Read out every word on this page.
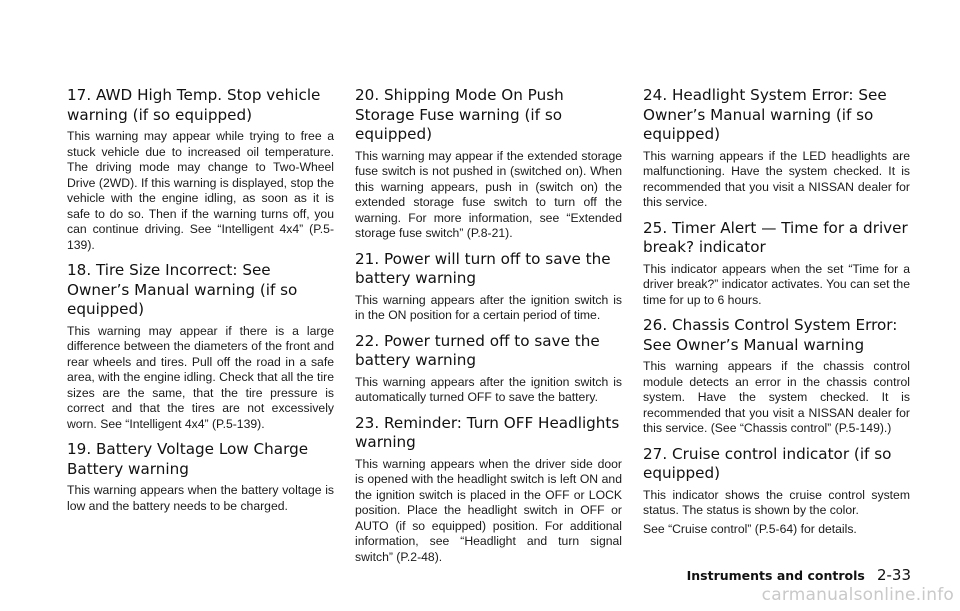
17. AWD High Temp. Stop vehicle warning (if so equipped)

This warning may appear while trying to free a stuck vehicle due to increased oil temperature. The driving mode may change to Two-Wheel Drive (2WD). If this warning is displayed, stop the vehicle with the engine idling, as soon as it is safe to do so. Then if the warning turns off, you can continue driving. See “Intelligent 4x4” (P.5-139).

18. Tire Size Incorrect: See Owner’s Manual warning (if so equipped)

This warning may appear if there is a large difference between the diameters of the front and rear wheels and tires. Pull off the road in a safe area, with the engine idling. Check that all the tire sizes are the same, that the tire pressure is correct and that the tires are not excessively worn. See “Intelligent 4x4” (P.5-139).

19. Battery Voltage Low Charge Battery warning

This warning appears when the battery voltage is low and the battery needs to be charged.

20. Shipping Mode On Push Storage Fuse warning (if so equipped)

This warning may appear if the extended storage fuse switch is not pushed in (switched on). When this warning appears, push in (switch on) the extended storage fuse switch to turn off the warning. For more information, see “Extended storage fuse switch” (P.8-21).

21. Power will turn off to save the battery warning

This warning appears after the ignition switch is in the ON position for a certain period of time.

22. Power turned off to save the battery warning

This warning appears after the ignition switch is automatically turned OFF to save the battery.

23. Reminder: Turn OFF Headlights warning

This warning appears when the driver side door is opened with the headlight switch is left ON and the ignition switch is placed in the OFF or LOCK position. Place the headlight switch in OFF or AUTO (if so equipped) position. For additional information, see “Headlight and turn signal switch” (P.2-48).

24. Headlight System Error: See Owner’s Manual warning (if so equipped)

This warning appears if the LED headlights are malfunctioning. Have the system checked. It is recommended that you visit a NISSAN dealer for this service.

25. Timer Alert — Time for a driver break? indicator

This indicator appears when the set “Time for a driver break?” indicator activates. You can set the time for up to 6 hours.

26. Chassis Control System Error: See Owner’s Manual warning

This warning appears if the chassis control module detects an error in the chassis control system. Have the system checked. It is recommended that you visit a NISSAN dealer for this service. (See “Chassis control” (P.5-149).)

27. Cruise control indicator (if so equipped)

This indicator shows the cruise control system status. The status is shown by the color.

See “Cruise control” (P.5-64) for details.

Instruments and controls 2-33
carmanualsonline.info
